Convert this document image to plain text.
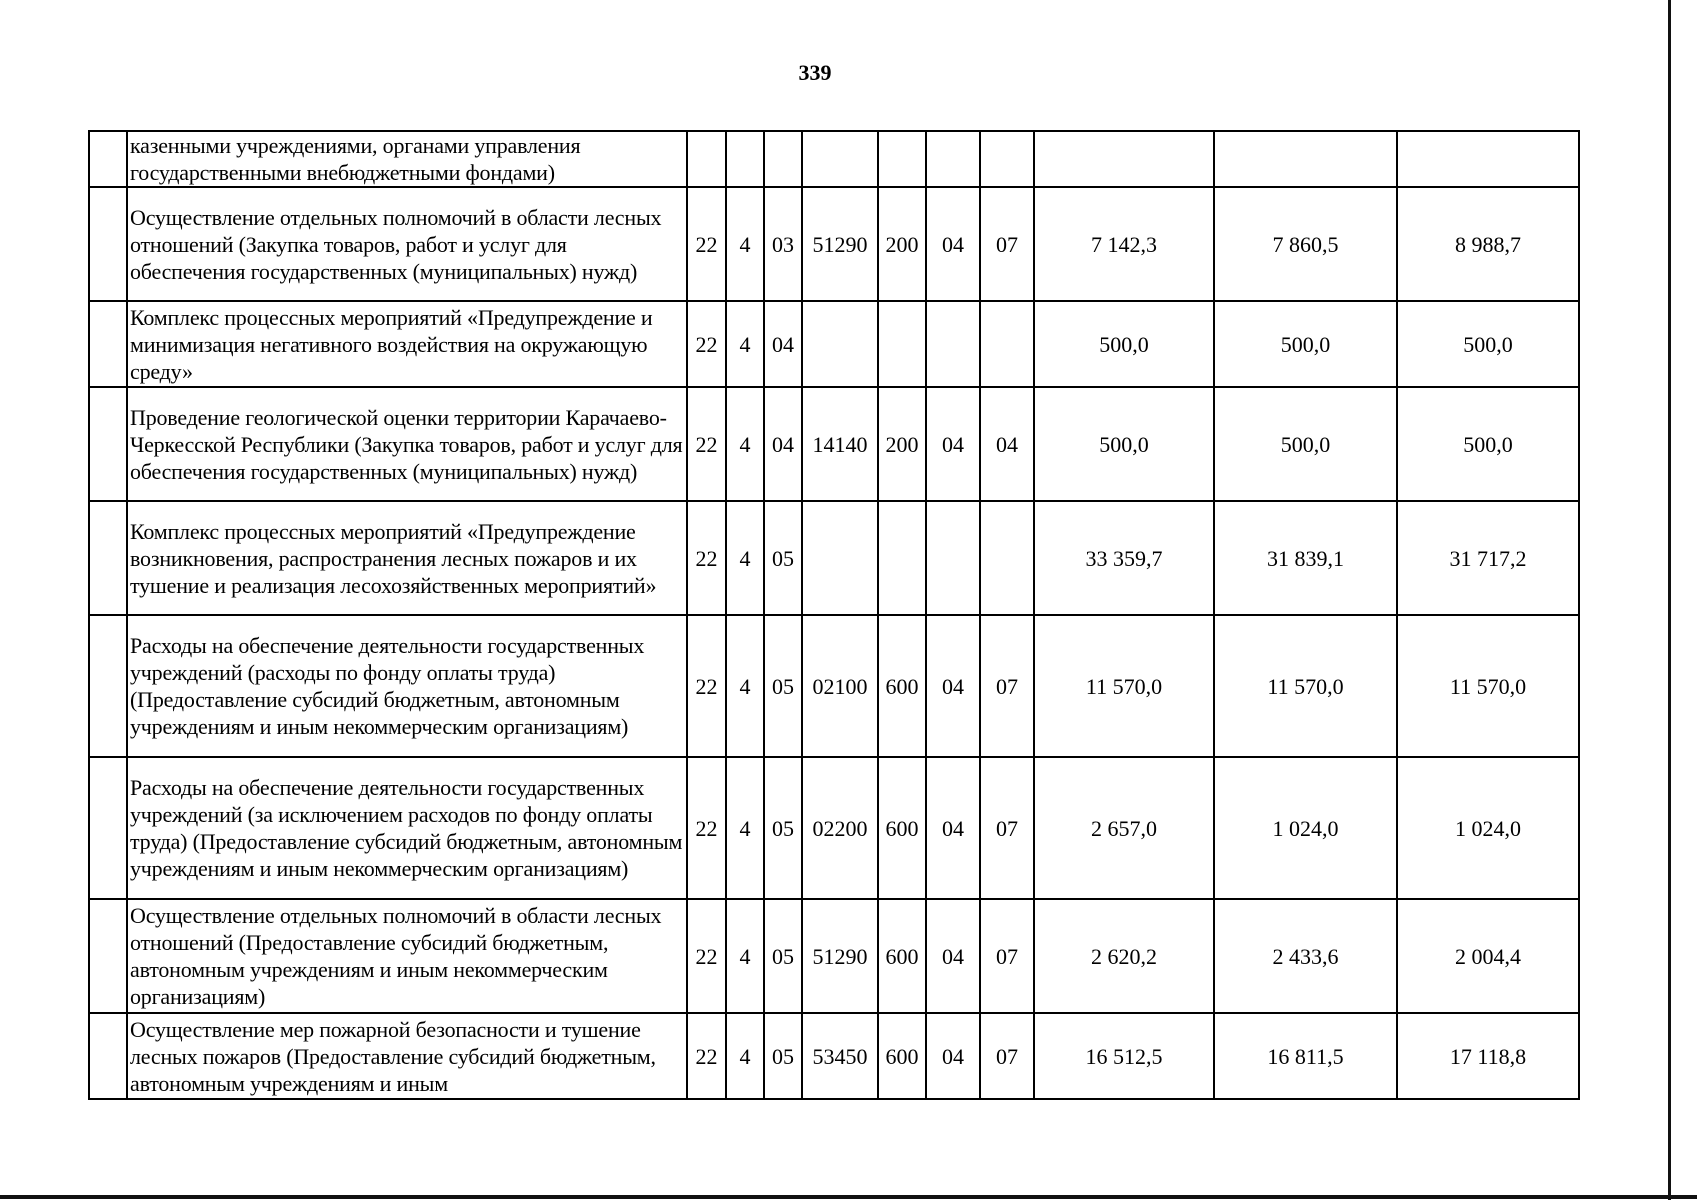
339
	казенными учреждениями, органами управления государственными внебюджетными фондами)										
	Осуществление отдельных полномочий в области лесных отношений (Закупка товаров, работ и услуг для обеспечения государственных (муниципальных) нужд)	22	4	03	51290	200	04	07	7 142,3	7 860,5	8 988,7
	Комплекс процессных мероприятий «Предупреждение и минимизация негативного воздействия на окружающую среду»	22	4	04					500,0	500,0	500,0
	Проведение геологической оценки территории Карачаево-Черкесской Республики (Закупка товаров, работ и услуг для обеспечения государственных (муниципальных) нужд)	22	4	04	14140	200	04	04	500,0	500,0	500,0
	Комплекс процессных мероприятий «Предупреждение возникновения, распространения лесных пожаров и их тушение и реализация лесохозяйственных мероприятий»	22	4	05					33 359,7	31 839,1	31 717,2
	Расходы на обеспечение деятельности государственных учреждений (расходы по фонду оплаты труда) (Предоставление субсидий бюджетным, автономным учреждениям и иным некоммерческим организациям)	22	4	05	02100	600	04	07	11 570,0	11 570,0	11 570,0
	Расходы на обеспечение деятельности государственных учреждений (за исключением расходов по фонду оплаты труда) (Предоставление субсидий бюджетным, автономным учреждениям и иным некоммерческим организациям)	22	4	05	02200	600	04	07	2 657,0	1 024,0	1 024,0
	Осуществление отдельных полномочий в области лесных отношений (Предоставление субсидий бюджетным, автономным учреждениям и иным некоммерческим организациям)	22	4	05	51290	600	04	07	2 620,2	2 433,6	2 004,4
	Осуществление мер пожарной безопасности и тушение лесных пожаров (Предоставление субсидий бюджетным, автономным учреждениям и иным	22	4	05	53450	600	04	07	16 512,5	16 811,5	17 118,8
